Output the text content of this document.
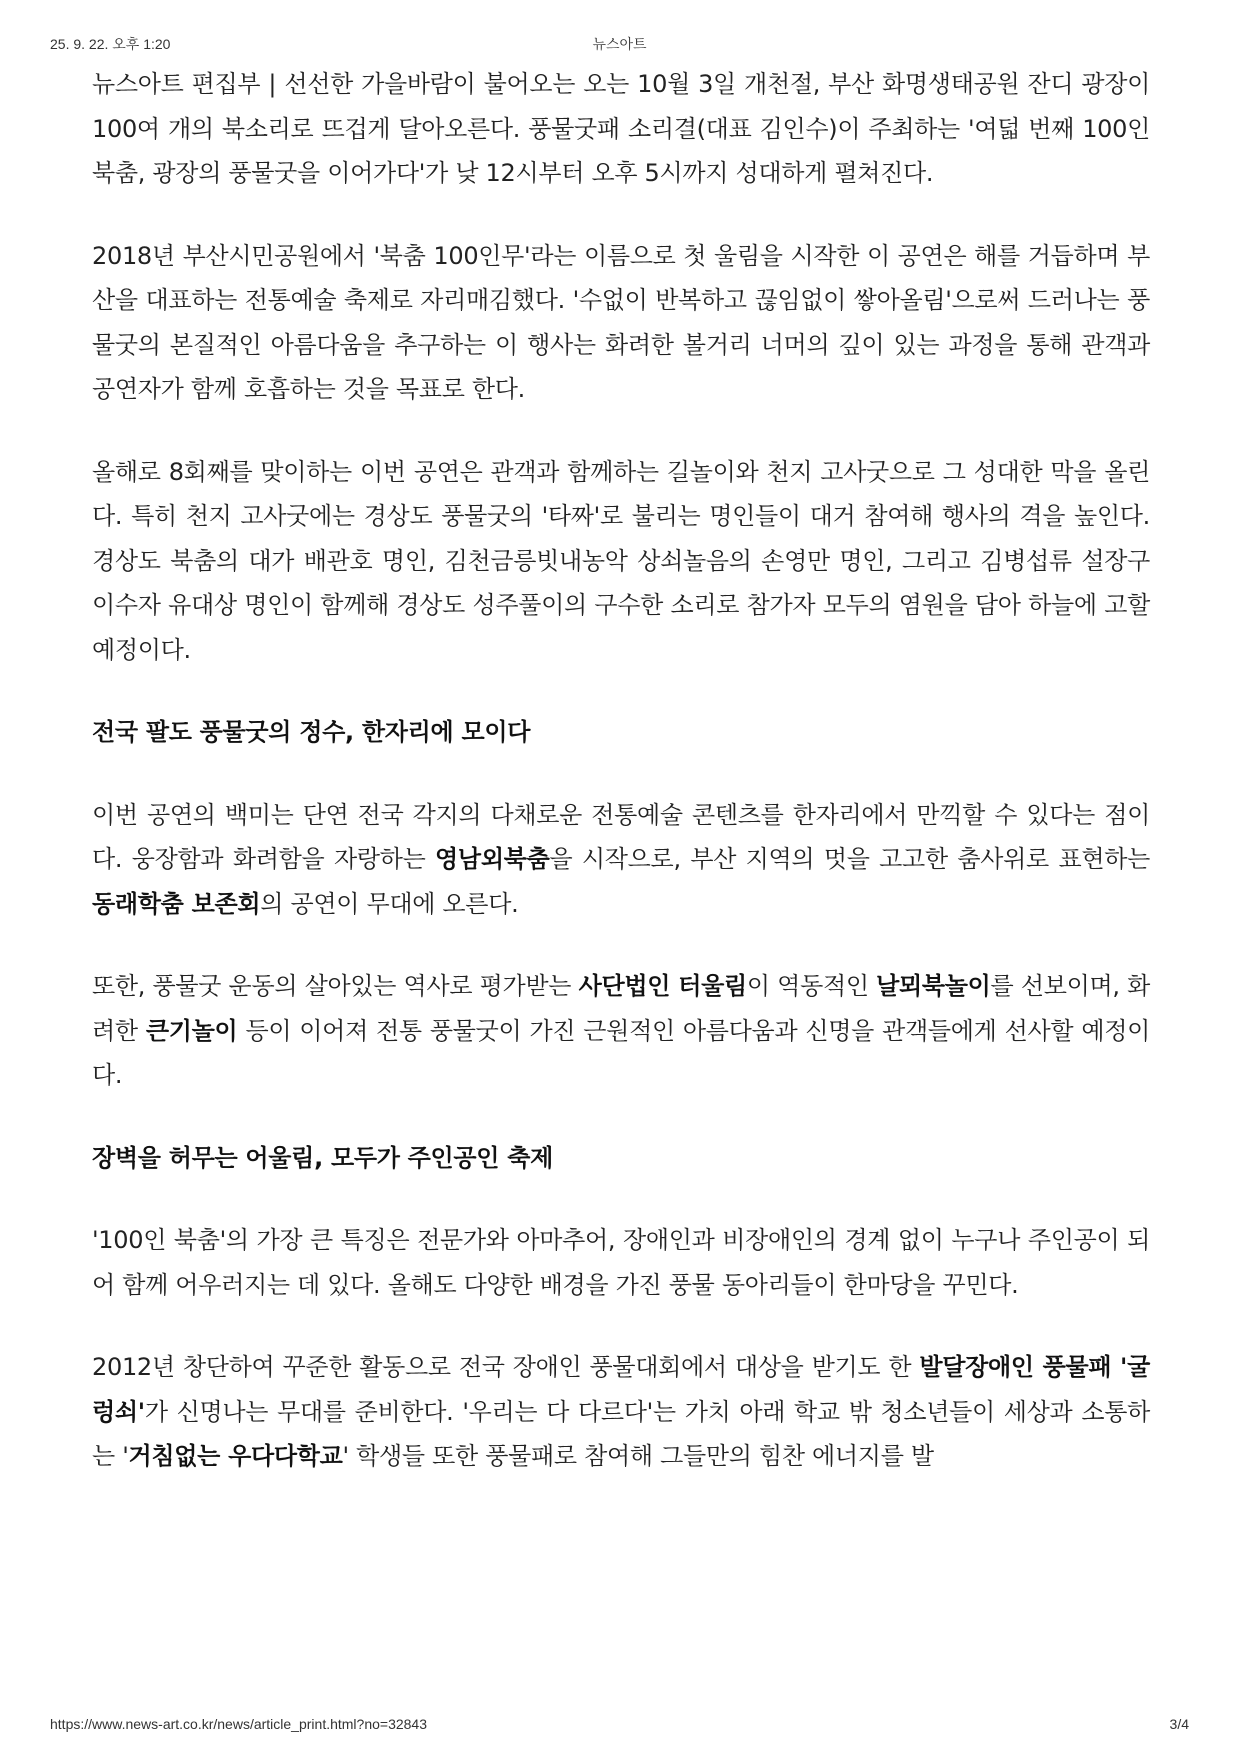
25. 9. 22. 오후 1:20	뉴스아트

뉴스아트 편집부 | 선선한 가을바람이 불어오는 오는 10월 3일 개천절, 부산 화명생태공원 잔디 광장이 100여 개의 북소리로 뜨겁게 달아오른다. 풍물굿패 소리결(대표 김인수)이 주최하는 '여덟 번째 100인 북춤, 광장의 풍물굿을 이어가다'가 낮 12시부터 오후 5시까지 성대하게 펼쳐진다.

2018년 부산시민공원에서 '북춤 100인무'라는 이름으로 첫 울림을 시작한 이 공연은 해를 거듭하며 부산을 대표하는 전통예술 축제로 자리매김했다. '수없이 반복하고 끊임없이 쌓아올림'으로써 드러나는 풍물굿의 본질적인 아름다움을 추구하는 이 행사는 화려한 볼거리 너머의 깊이 있는 과정을 통해 관객과 공연자가 함께 호흡하는 것을 목표로 한다.

올해로 8회째를 맞이하는 이번 공연은 관객과 함께하는 길놀이와 천지 고사굿으로 그 성대한 막을 올린다. 특히 천지 고사굿에는 경상도 풍물굿의 '타짜'로 불리는 명인들이 대거 참여해 행사의 격을 높인다. 경상도 북춤의 대가 배관호 명인, 김천금릉빗내농악 상쇠놀음의 손영만 명인, 그리고 김병섭류 설장구 이수자 유대상 명인이 함께해 경상도 성주풀이의 구수한 소리로 참가자 모두의 염원을 담아 하늘에 고할 예정이다.

전국 팔도 풍물굿의 정수, 한자리에 모이다

이번 공연의 백미는 단연 전국 각지의 다채로운 전통예술 콘텐츠를 한자리에서 만끽할 수 있다는 점이다. 웅장함과 화려함을 자랑하는 영남외북춤을 시작으로, 부산 지역의 멋을 고고한 춤사위로 표현하는 동래학춤 보존회의 공연이 무대에 오른다.

또한, 풍물굿 운동의 살아있는 역사로 평가받는 사단법인 터울림이 역동적인 날뫼북놀이를 선보이며, 화려한 큰기놀이 등이 이어져 전통 풍물굿이 가진 근원적인 아름다움과 신명을 관객들에게 선사할 예정이다.

장벽을 허무는 어울림, 모두가 주인공인 축제

'100인 북춤'의 가장 큰 특징은 전문가와 아마추어, 장애인과 비장애인의 경계 없이 누구나 주인공이 되어 함께 어우러지는 데 있다. 올해도 다양한 배경을 가진 풍물 동아리들이 한마당을 꾸민다.

2012년 창단하여 꾸준한 활동으로 전국 장애인 풍물대회에서 대상을 받기도 한 발달장애인 풍물패 '굴렁쇠'가 신명나는 무대를 준비한다. '우리는 다 다르다'는 가치 아래 학교 밖 청소년들이 세상과 소통하는 '거침없는 우다다학교' 학생들 또한 풍물패로 참여해 그들만의 힘찬 에너지를 발

https://www.news-art.co.kr/news/article_print.html?no=32843	3/4
